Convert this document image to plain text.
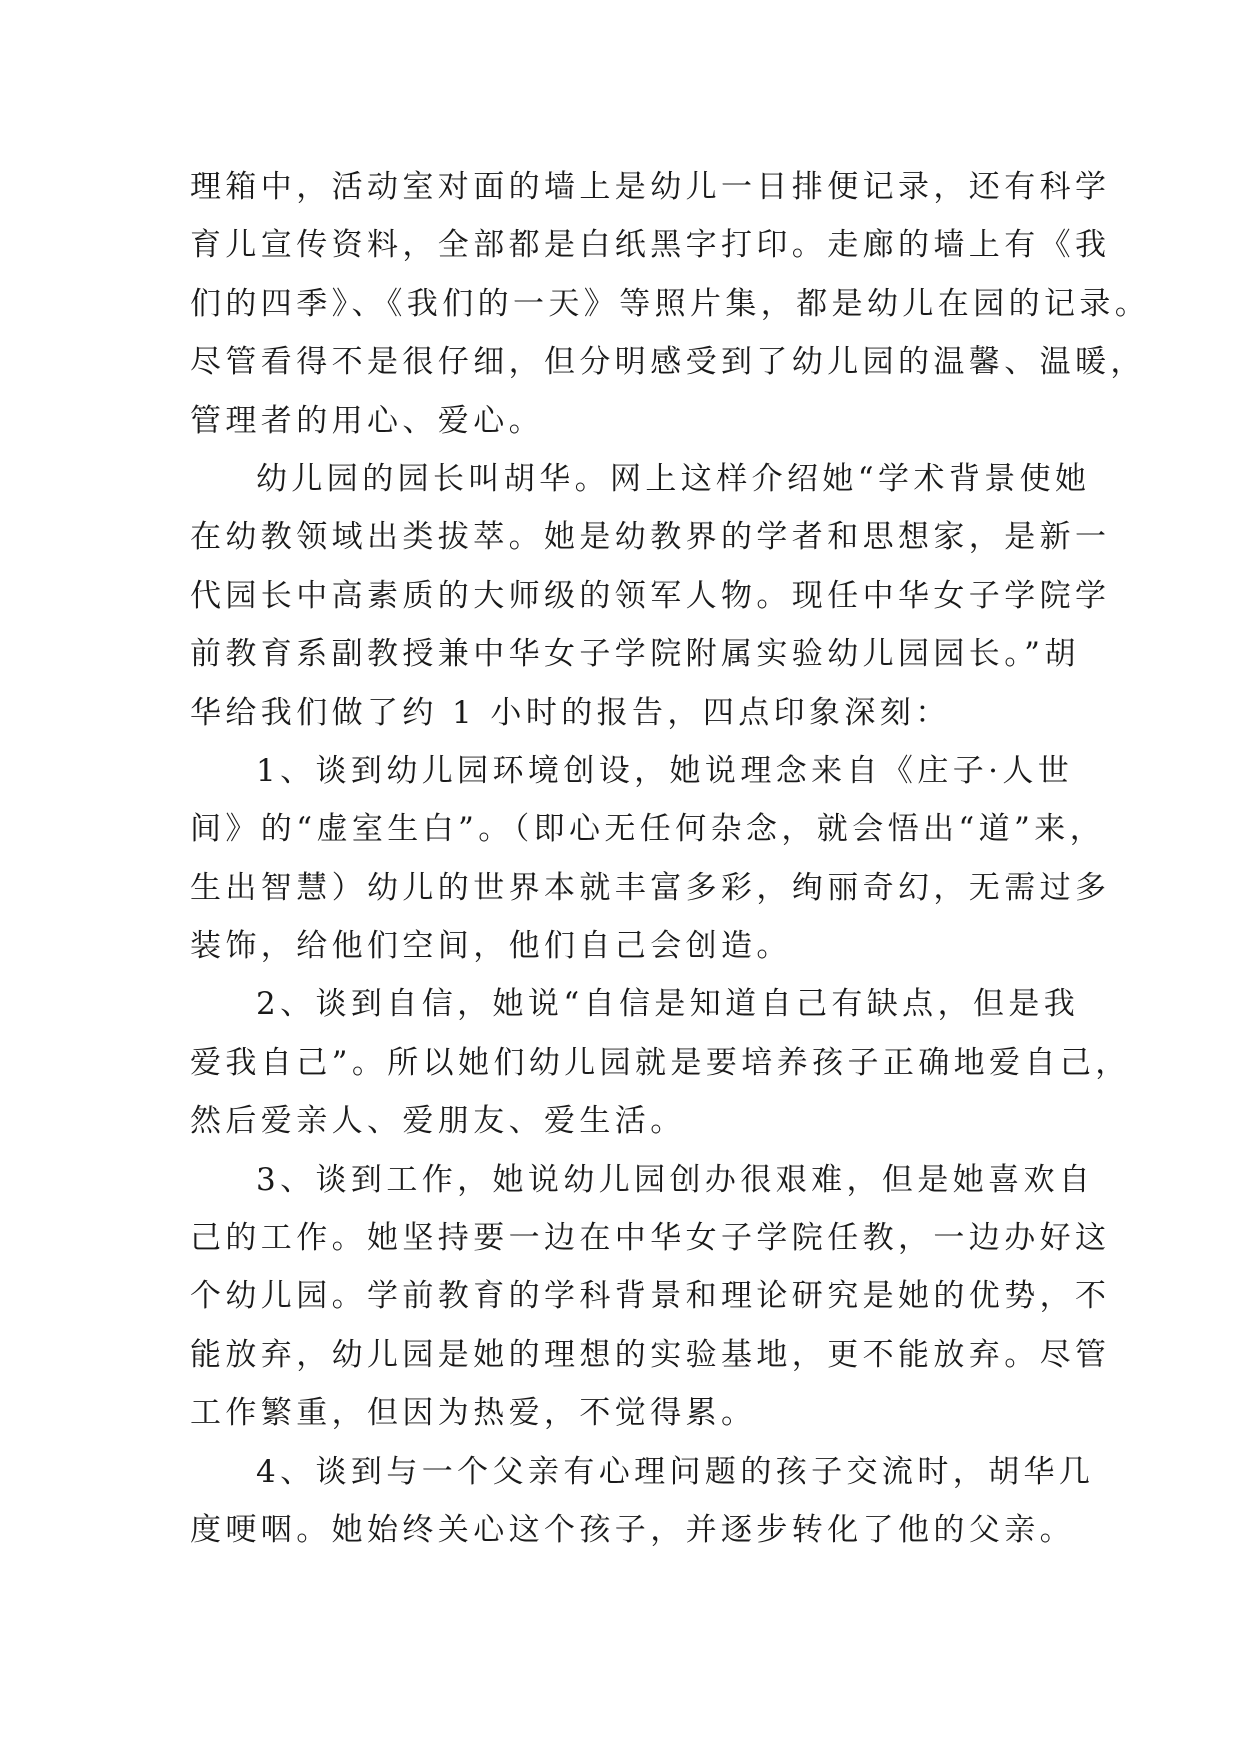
理箱中，活动室对面的墙上是幼儿一日排便记录，还有科学
育儿宣传资料，全部都是白纸黑字打印。走廊的墙上有《我
们的四季》、《我们的一天》等照片集，都是幼儿在园的记录。
尽管看得不是很仔细，但分明感受到了幼儿园的温馨、温暖，
管理者的用心、爱心。
幼儿园的园长叫胡华。网上这样介绍她“学术背景使她
在幼教领域出类拔萃。她是幼教界的学者和思想家，是新一
代园长中高素质的大师级的领军人物。现任中华女子学院学
前教育系副教授兼中华女子学院附属实验幼儿园园长。”胡
华给我们做了约 1 小时的报告，四点印象深刻：
1、谈到幼儿园环境创设，她说理念来自《庄子·人世
间》的“虚室生白”。（即心无任何杂念，就会悟出“道”来，
生出智慧）幼儿的世界本就丰富多彩，绚丽奇幻，无需过多
装饰，给他们空间，他们自己会创造。
2、谈到自信，她说“自信是知道自己有缺点，但是我
爱我自己”。所以她们幼儿园就是要培养孩子正确地爱自己，
然后爱亲人、爱朋友、爱生活。
3、谈到工作，她说幼儿园创办很艰难，但是她喜欢自
己的工作。她坚持要一边在中华女子学院任教，一边办好这
个幼儿园。学前教育的学科背景和理论研究是她的优势，不
能放弃，幼儿园是她的理想的实验基地，更不能放弃。尽管
工作繁重，但因为热爱，不觉得累。
4、谈到与一个父亲有心理问题的孩子交流时，胡华几
度哽咽。她始终关心这个孩子，并逐步转化了他的父亲。
